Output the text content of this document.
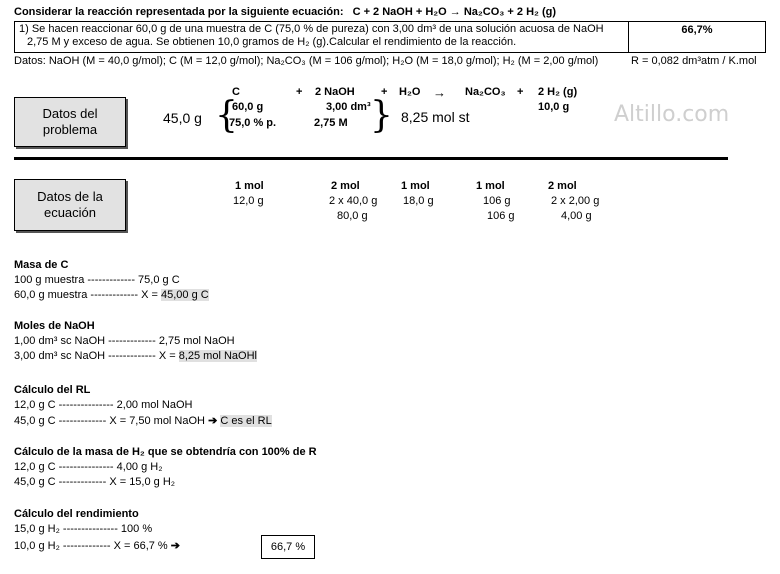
Considerar la reacción representada por la siguiente ecuación: C + 2 NaOH + H₂O → Na₂CO₃ + 2 H₂ (g)
1) Se hacen reaccionar 60,0 g de una muestra de C (75,0 % de pureza) con 3,00 dm³ de una solución acuosa de NaOH
2,75 M y exceso de agua. Se obtienen 10,0 gramos de H₂ (g).Calcular el rendimiento de la reacción.
66,7%
Datos: NaOH (M = 40,0 g/mol); C (M = 12,0 g/mol); Na₂CO₃ (M = 106 g/mol); H₂O (M = 18,0 g/mol); H₂ (M = 2,00 g/mol)	R = 0,082 dm³atm / K.mol
Datos del problema
45,0 g {
C
60,0 g
75,0 % p.
+ 2 NaOH
3,00 dm³
2,75 M } 8,25 mol st
+ H₂O → Na₂CO₃ + 2 H₂ (g)
10,0 g Altillo.com
Datos de la ecuación
1 mol
12,0 g
2 mol
2 x 40,0 g
80,0 g
1 mol
18,0 g
1 mol
106 g
106 g
2 mol
2 x 2,00 g
4,00 g
Masa de C
100 g muestra ------------- 75,0 g C
60,0 g muestra ------------- X = 45,00 g C
Moles de NaOH
1,00 dm³ sc NaOH ------------- 2,75 mol NaOH
3,00 dm³ sc NaOH ------------- X = 8,25 mol NaOHl
Cálculo del RL
12,0 g C --------------- 2,00 mol NaOH
45,0 g C ------------- X = 7,50 mol NaOH ➔ C es el RL
Cálculo de la masa de H₂ que se obtendría con 100% de R
12,0 g C --------------- 4,00 g H₂
45,0 g C ------------- X = 15,0 g H₂
Cálculo del rendimiento
15,0 g H₂ --------------- 100 %
10,0 g H₂ ------------- X = 66,7 % ➔	66,7 %
